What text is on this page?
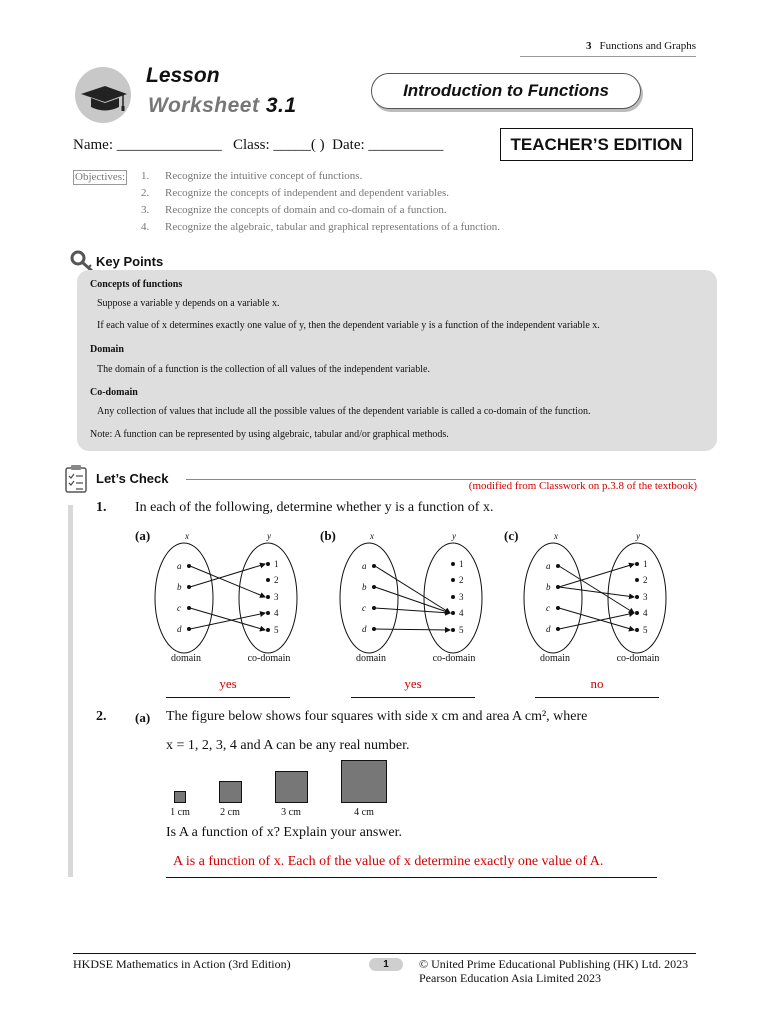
3 Functions and Graphs
Lesson
Worksheet 3.1
Introduction to Functions
Name: ______________ Class: _____( ) Date: __________	TEACHER’S EDITION
Objectives: 1. Recognize the intuitive concept of functions.
2. Recognize the concepts of independent and dependent variables.
3. Recognize the concepts of domain and co-domain of a function.
4. Recognize the algebraic, tabular and graphical representations of a function.
Key Points
Concepts of functions
Suppose a variable y depends on a variable x.
If each value of x determines exactly one value of y, then the dependent variable y is a function of the independent variable x.
Domain
The domain of a function is the collection of all values of the independent variable.
Co-domain
Any collection of values that include all the possible values of the dependent variable is called a co-domain of the function.
Note: A function can be represented by using algebraic, tabular and/or graphical methods.
Let’s Check	(modified from Classwork on p.3.8 of the textbook)
1. In each of the following, determine whether y is a function of x.
(a)	(b)	(c)
x	y
a
b
c
d
1
2
3
4
5
domain	co-domain
x	y
a
b
c
d
1
2
3
4
5
domain	co-domain
x	y
a
b
c
d
1
2
3
4
5
domain	co-domain
yes	yes	no
2. (a) The figure below shows four squares with side x cm and area A cm², where
x = 1, 2, 3, 4 and A can be any real number.
1 cm	2 cm	3 cm	4 cm
Is A a function of x? Explain your answer.
A is a function of x. Each of the value of x determine exactly one value of A.
HKDSE Mathematics in Action (3rd Edition)	1	© United Prime Educational Publishing (HK) Ltd. 2023
Pearson Education Asia Limited 2023
